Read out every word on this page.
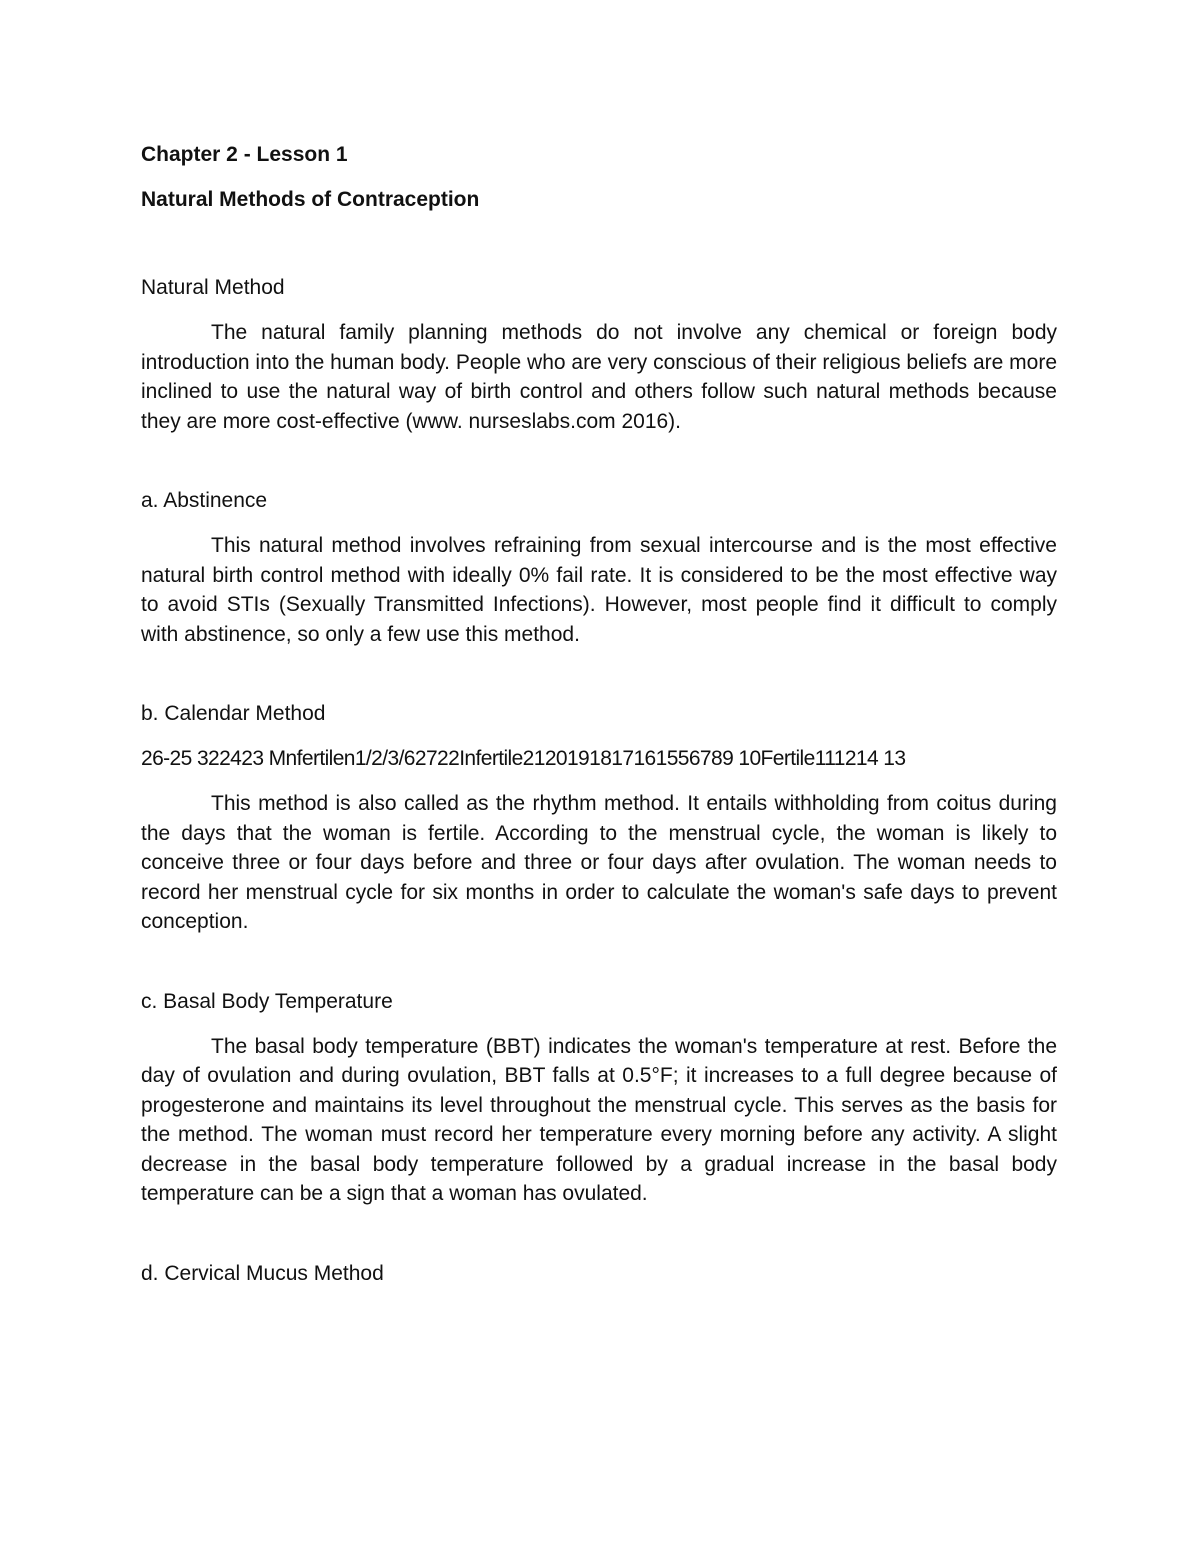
Chapter 2 - Lesson 1

Natural Methods of Contraception

Natural Method

The natural family planning methods do not involve any chemical or foreign body introduction into the human body. People who are very conscious of their religious beliefs are more inclined to use the natural way of birth control and others follow such natural methods because they are more cost-effective (www. nurseslabs.com 2016).

a. Abstinence

This natural method involves refraining from sexual intercourse and is the most effective natural birth control method with ideally 0% fail rate. It is considered to be the most effective way to avoid STIs (Sexually Transmitted Infections). However, most people find it difficult to comply with abstinence, so only a few use this method.

b. Calendar Method

26-25 322423 Mnfertilen1/2/3/62722Infertile2120191817161556789 10Fertile111214 13

This method is also called as the rhythm method. It entails withholding from coitus during the days that the woman is fertile. According to the menstrual cycle, the woman is likely to conceive three or four days before and three or four days after ovulation. The woman needs to record her menstrual cycle for six months in order to calculate the woman's safe days to prevent conception.

c. Basal Body Temperature

The basal body temperature (BBT) indicates the woman's temperature at rest. Before the day of ovulation and during ovulation, BBT falls at 0.5°F; it increases to a full degree because of progesterone and maintains its level throughout the menstrual cycle. This serves as the basis for the method. The woman must record her temperature every morning before any activity. A slight decrease in the basal body temperature followed by a gradual increase in the basal body temperature can be a sign that a woman has ovulated.

d. Cervical Mucus Method
